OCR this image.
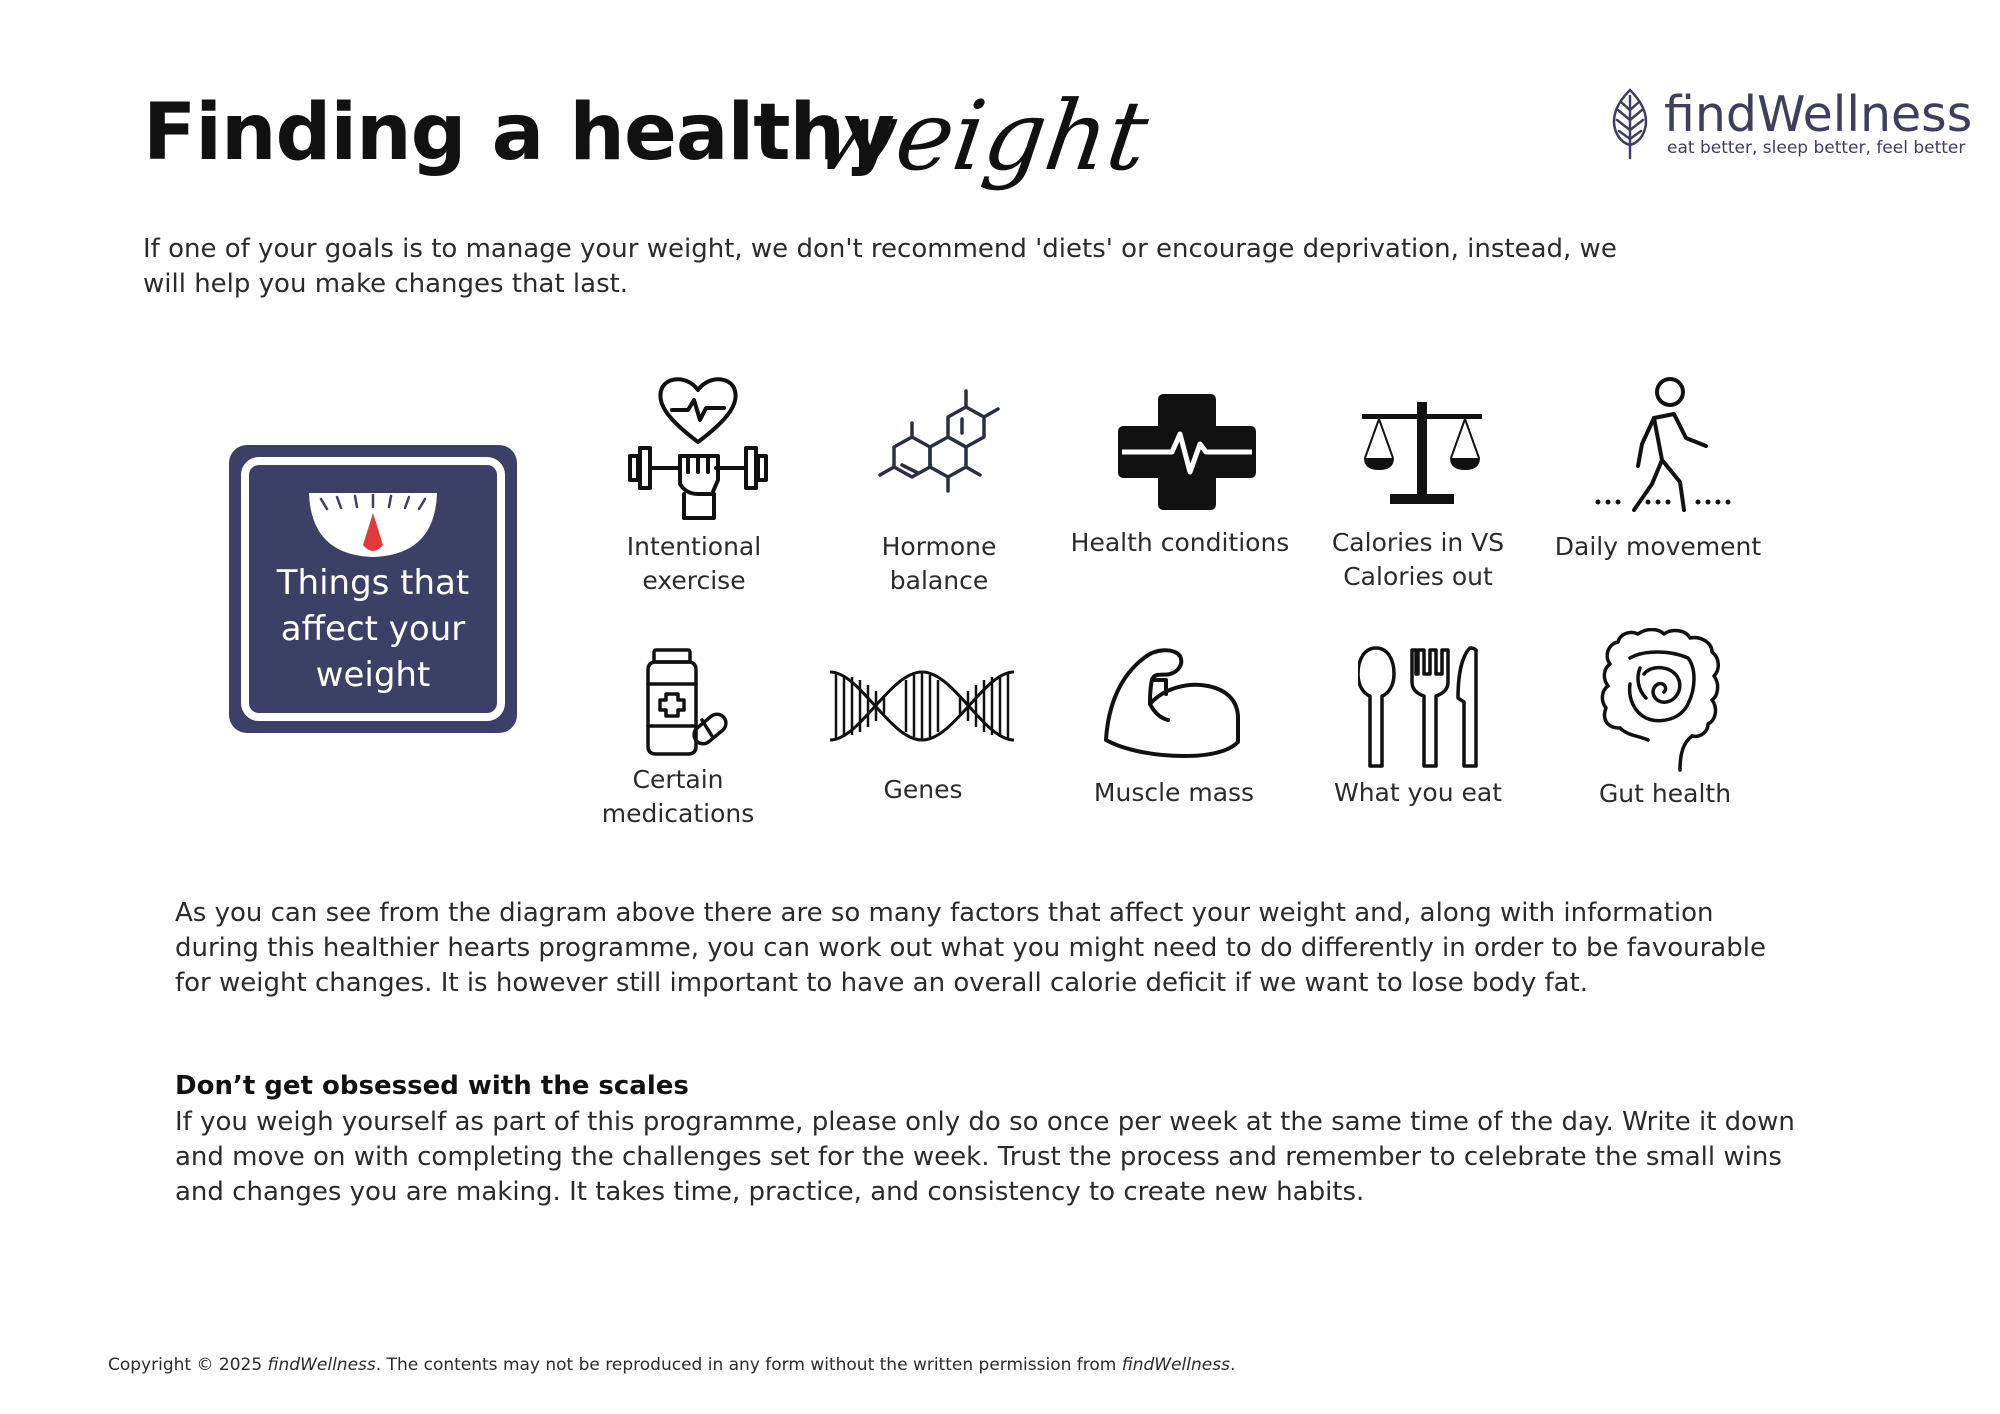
Finding a healthy
weight	findWellness
eat better, sleep better, feel better
If one of your goals is to manage your weight, we don't recommend 'diets' or encourage deprivation, instead, we will help you make changes that last.
Things that
affect your
weight
Intentional exercise
Hormone balance
Health conditions	Calories in VS Calories out
Daily movement
Certain medications
Genes	Muscle mass	What you eat	Gut health
As you can see from the diagram above there are so many factors that affect your weight and, along with information during this healthier hearts programme, you can work out what you might need to do differently in order to be favourable for weight changes. It is however still important to have an overall calorie deficit if we want to lose body fat.
Don’t get obsessed with the scales
If you weigh yourself as part of this programme, please only do so once per week at the same time of the day. Write it down and move on with completing the challenges set for the week. Trust the process and remember to celebrate the small wins and changes you are making. It takes time, practice, and consistency to create new habits.
Copyright © 2025 findWellness. The contents may not be reproduced in any form without the written permission from findWellness.
